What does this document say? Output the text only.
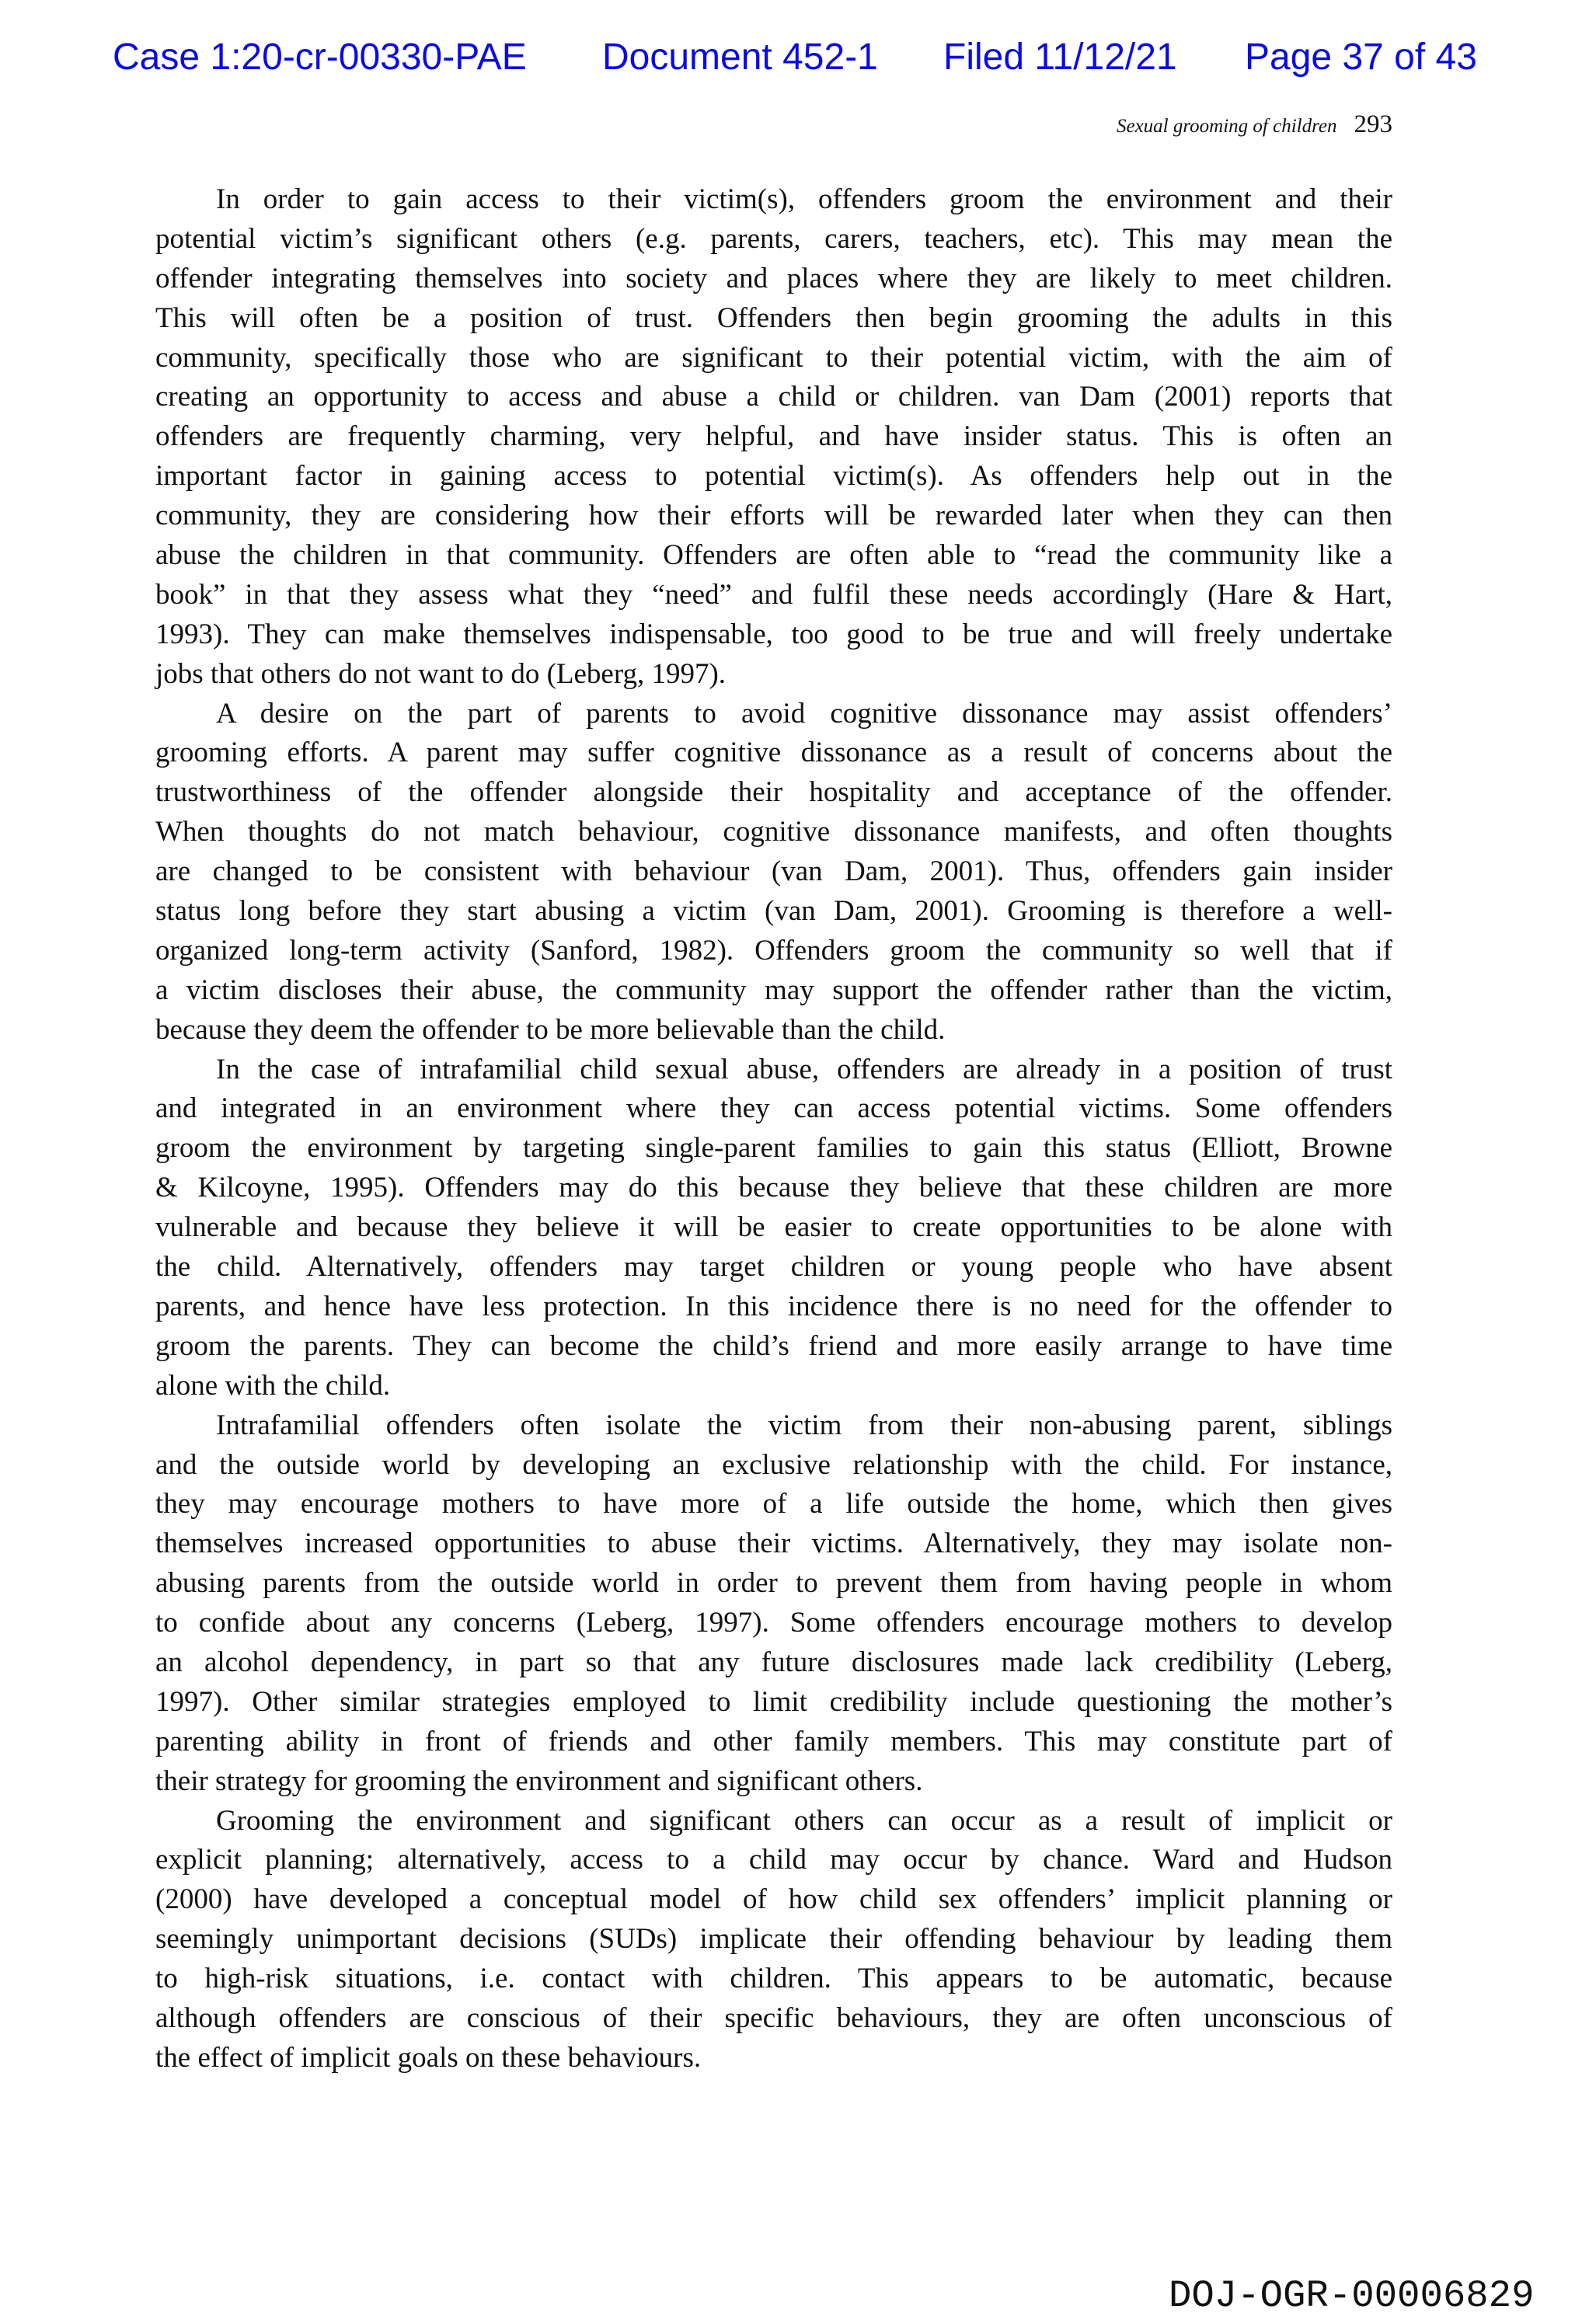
Case 1:20-cr-00330-PAE Document 452-1 Filed 11/12/21 Page 37 of 43
Sexual grooming of children 293
In order to gain access to their victim(s), offenders groom the environment and their
potential victim’s significant others (e.g. parents, carers, teachers, etc). This may mean the
offender integrating themselves into society and places where they are likely to meet children.
This will often be a position of trust. Offenders then begin grooming the adults in this
community, specifically those who are significant to their potential victim, with the aim of
creating an opportunity to access and abuse a child or children. van Dam (2001) reports that
offenders are frequently charming, very helpful, and have insider status. This is often an
important factor in gaining access to potential victim(s). As offenders help out in the
community, they are considering how their efforts will be rewarded later when they can then
abuse the children in that community. Offenders are often able to “read the community like a
book” in that they assess what they “need” and fulfil these needs accordingly (Hare & Hart,
1993). They can make themselves indispensable, too good to be true and will freely undertake
jobs that others do not want to do (Leberg, 1997).
A desire on the part of parents to avoid cognitive dissonance may assist offenders’
grooming efforts. A parent may suffer cognitive dissonance as a result of concerns about the
trustworthiness of the offender alongside their hospitality and acceptance of the offender.
When thoughts do not match behaviour, cognitive dissonance manifests, and often thoughts
are changed to be consistent with behaviour (van Dam, 2001). Thus, offenders gain insider
status long before they start abusing a victim (van Dam, 2001). Grooming is therefore a well-
organized long-term activity (Sanford, 1982). Offenders groom the community so well that if
a victim discloses their abuse, the community may support the offender rather than the victim,
because they deem the offender to be more believable than the child.
In the case of intrafamilial child sexual abuse, offenders are already in a position of trust
and integrated in an environment where they can access potential victims. Some offenders
groom the environment by targeting single-parent families to gain this status (Elliott, Browne
& Kilcoyne, 1995). Offenders may do this because they believe that these children are more
vulnerable and because they believe it will be easier to create opportunities to be alone with
the child. Alternatively, offenders may target children or young people who have absent
parents, and hence have less protection. In this incidence there is no need for the offender to
groom the parents. They can become the child’s friend and more easily arrange to have time
alone with the child.
Intrafamilial offenders often isolate the victim from their non-abusing parent, siblings
and the outside world by developing an exclusive relationship with the child. For instance,
they may encourage mothers to have more of a life outside the home, which then gives
themselves increased opportunities to abuse their victims. Alternatively, they may isolate non-
abusing parents from the outside world in order to prevent them from having people in whom
to confide about any concerns (Leberg, 1997). Some offenders encourage mothers to develop
an alcohol dependency, in part so that any future disclosures made lack credibility (Leberg,
1997). Other similar strategies employed to limit credibility include questioning the mother’s
parenting ability in front of friends and other family members. This may constitute part of
their strategy for grooming the environment and significant others.
Grooming the environment and significant others can occur as a result of implicit or
explicit planning; alternatively, access to a child may occur by chance. Ward and Hudson
(2000) have developed a conceptual model of how child sex offenders’ implicit planning or
seemingly unimportant decisions (SUDs) implicate their offending behaviour by leading them
to high-risk situations, i.e. contact with children. This appears to be automatic, because
although offenders are conscious of their specific behaviours, they are often unconscious of
the effect of implicit goals on these behaviours.
DOJ-OGR-00006829
